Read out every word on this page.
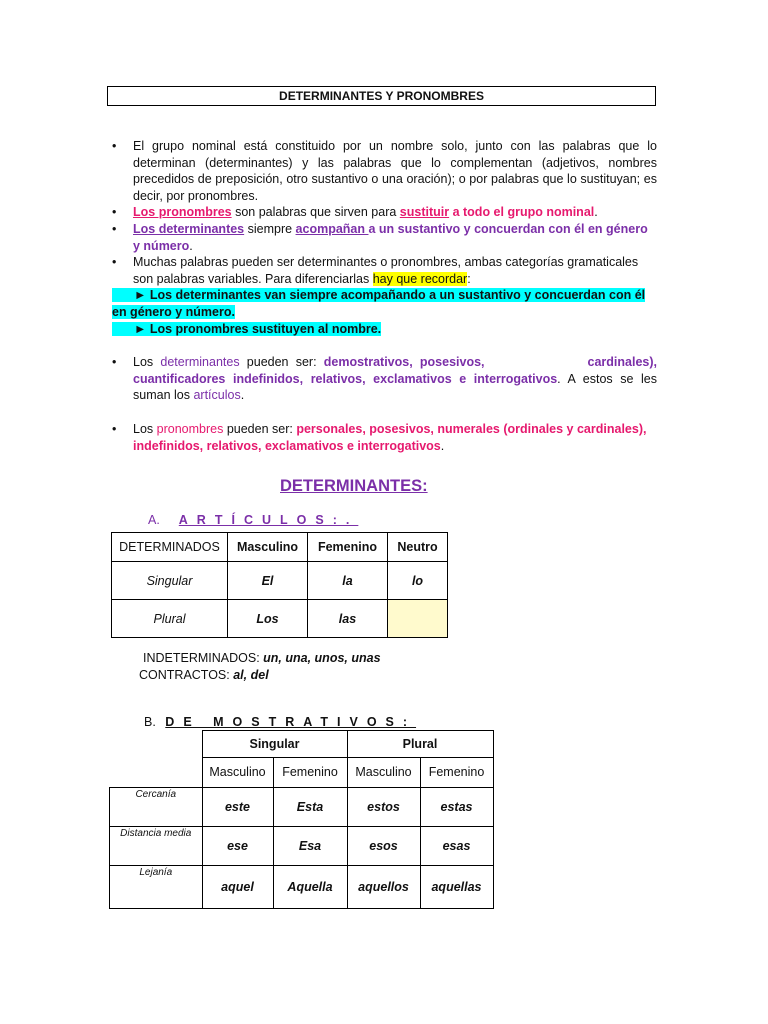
DETERMINANTES Y PRONOMBRES

• El grupo nominal está constituido por un nombre solo, junto con las palabras que lo determinan (determinantes) y las palabras que lo complementan (adjetivos, nombres precedidos de preposición, otro sustantivo o una oración); o por palabras que lo sustituyan; es decir, por pronombres.

• Los pronombres son palabras que sirven para sustituir a todo el grupo nominal.

• Los determinantes siempre acompañan a un sustantivo y concuerdan con él en género y número.

• Muchas palabras pueden ser determinantes o pronombres, ambas categorías gramaticales son palabras variables. Para diferenciarlas hay que recordar:

► Los determinantes van siempre acompañando a un sustantivo y concuerdan con él en género y número.

► Los pronombres sustituyen al nombre.

• Los determinantes pueden ser: demostrativos, posesivos,	cardinales), cuantificadores indefinidos, relativos, exclamativos e interrogativos. A estos se les suman los artículos.

• Los pronombres pueden ser: personales, posesivos, numerales (ordinales y cardinales), indefinidos, relativos, exclamativos e interrogativos.

DETERMINANTES:
A. ARTÍCULOS:.
DETERMINADOS	Masculino	Femenino	Neutro
Singular	El	la	lo
Plural	Los	las	
INDETERMINADOS: un, una, unos, unas
CONTRACTOS: al, del
B. DE MOSTRATIVOS:
	Singular		Plural	
	Masculino	Femenino	Masculino	Femenino
Cercanía	este	Esta	estos	estas
Distancia media	ese	Esa	esos	esas
Lejanía	aquel	Aquella	aquellos	aquellas
